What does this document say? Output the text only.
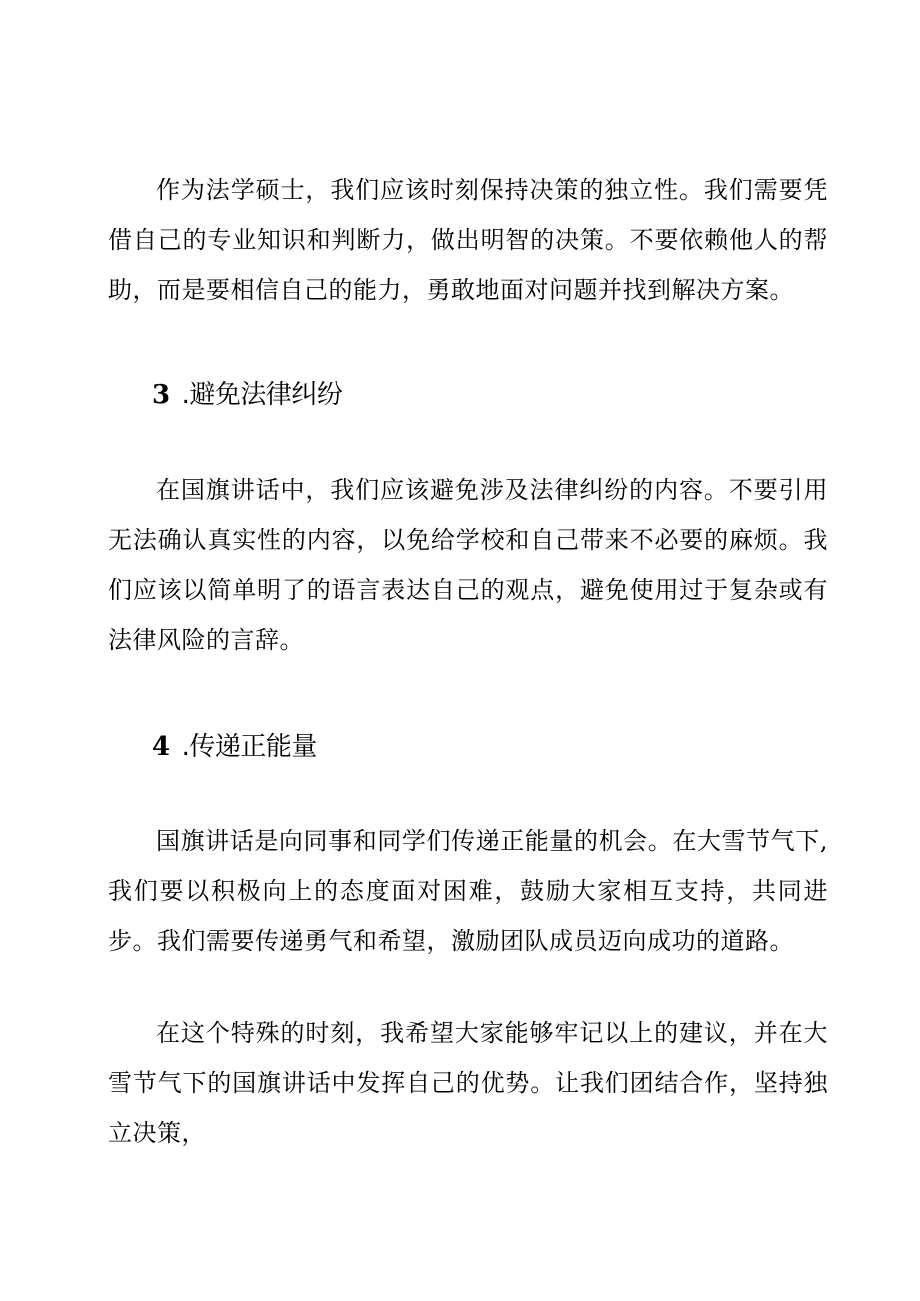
作为法学硕士，我们应该时刻保持决策的独立性。我们需要凭借自己的专业知识和判断力，做出明智的决策。不要依赖他人的帮助，而是要相信自己的能力，勇敢地面对问题并找到解决方案。

3 .避免法律纠纷

在国旗讲话中，我们应该避免涉及法律纠纷的内容。不要引用无法确认真实性的内容，以免给学校和自己带来不必要的麻烦。我们应该以简单明了的语言表达自己的观点，避免使用过于复杂或有法律风险的言辞。

4 .传递正能量

国旗讲话是向同事和同学们传递正能量的机会。在大雪节气下,我们要以积极向上的态度面对困难，鼓励大家相互支持，共同进步。我们需要传递勇气和希望，激励团队成员迈向成功的道路。

在这个特殊的时刻，我希望大家能够牢记以上的建议，并在大雪节气下的国旗讲话中发挥自己的优势。让我们团结合作，坚持独立决策，
